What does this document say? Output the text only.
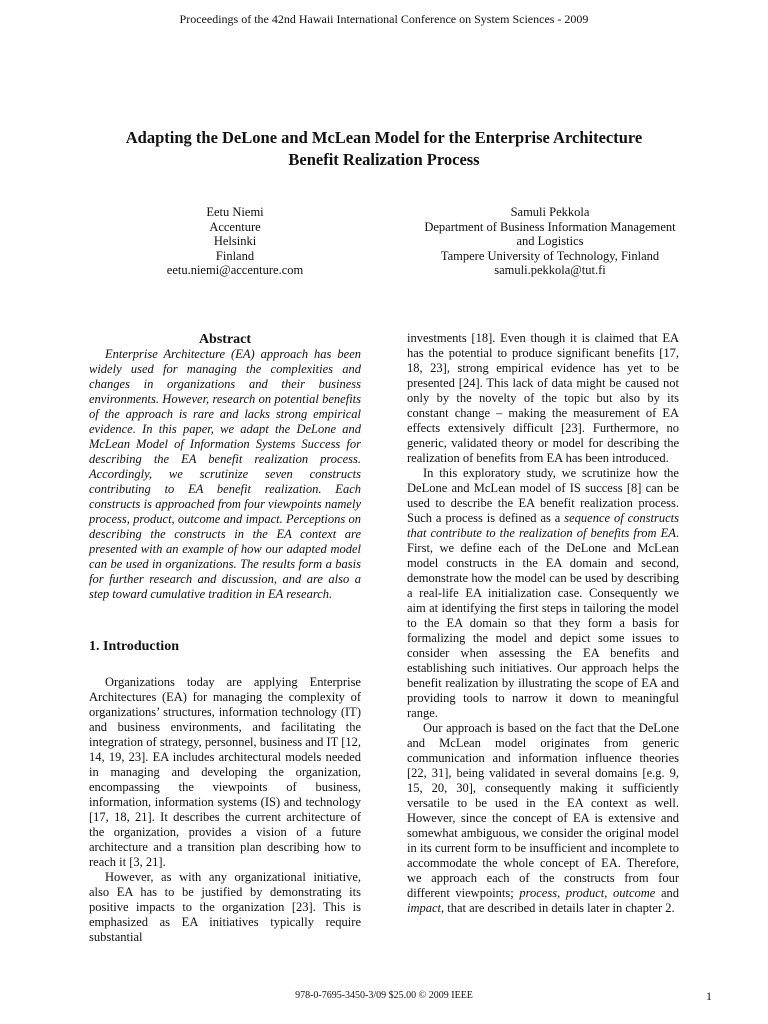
Proceedings of the 42nd Hawaii International Conference on System Sciences - 2009
Adapting the DeLone and McLean Model for the Enterprise Architecture
Benefit Realization Process
Eetu Niemi
Accenture
Helsinki
Finland
eetu.niemi@accenture.com
Samuli Pekkola
Department of Business Information Management
and Logistics
Tampere University of Technology, Finland
samuli.pekkola@tut.fi
Abstract

Enterprise Architecture (EA) approach has been widely used for managing the complexities and changes in organizations and their business environments. However, research on potential benefits of the approach is rare and lacks strong empirical evidence. In this paper, we adapt the DeLone and McLean Model of Information Systems Success for describing the EA benefit realization process. Accordingly, we scrutinize seven constructs contributing to EA benefit realization. Each constructs is approached from four viewpoints namely process, product, outcome and impact. Perceptions on describing the constructs in the EA context are presented with an example of how our adapted model can be used in organizations. The results form a basis for further research and discussion, and are also a step toward cumulative tradition in EA research.

1. Introduction

Organizations today are applying Enterprise Architectures (EA) for managing the complexity of organizations’ structures, information technology (IT) and business environments, and facilitating the integration of strategy, personnel, business and IT [12, 14, 19, 23]. EA includes architectural models needed in managing and developing the organization, encompassing the viewpoints of business, information, information systems (IS) and technology [17, 18, 21]. It describes the current architecture of the organization, provides a vision of a future architecture and a transition plan describing how to reach it [3, 21].

However, as with any organizational initiative, also EA has to be justified by demonstrating its positive impacts to the organization [23]. This is emphasized as EA initiatives typically require substantial

investments [18]. Even though it is claimed that EA has the potential to produce significant benefits [17, 18, 23], strong empirical evidence has yet to be presented [24]. This lack of data might be caused not only by the novelty of the topic but also by its constant change – making the measurement of EA effects extensively difficult [23]. Furthermore, no generic, validated theory or model for describing the realization of benefits from EA has been introduced.

In this exploratory study, we scrutinize how the DeLone and McLean model of IS success [8] can be used to describe the EA benefit realization process. Such a process is defined as a sequence of constructs that contribute to the realization of benefits from EA. First, we define each of the DeLone and McLean model constructs in the EA domain and second, demonstrate how the model can be used by describing a real-life EA initialization case. Consequently we aim at identifying the first steps in tailoring the model to the EA domain so that they form a basis for formalizing the model and depict some issues to consider when assessing the EA benefits and establishing such initiatives. Our approach helps the benefit realization by illustrating the scope of EA and providing tools to narrow it down to meaningful range.

Our approach is based on the fact that the DeLone and McLean model originates from generic communication and information influence theories [22, 31], being validated in several domains [e.g. 9, 15, 20, 30], consequently making it sufficiently versatile to be used in the EA context as well. However, since the concept of EA is extensive and somewhat ambiguous, we consider the original model in its current form to be insufficient and incomplete to accommodate the whole concept of EA. Therefore, we approach each of the constructs from four different viewpoints; process, product, outcome and impact, that are described in details later in chapter 2.

978-0-7695-3450-3/09 $25.00 © 2009 IEEE	1
